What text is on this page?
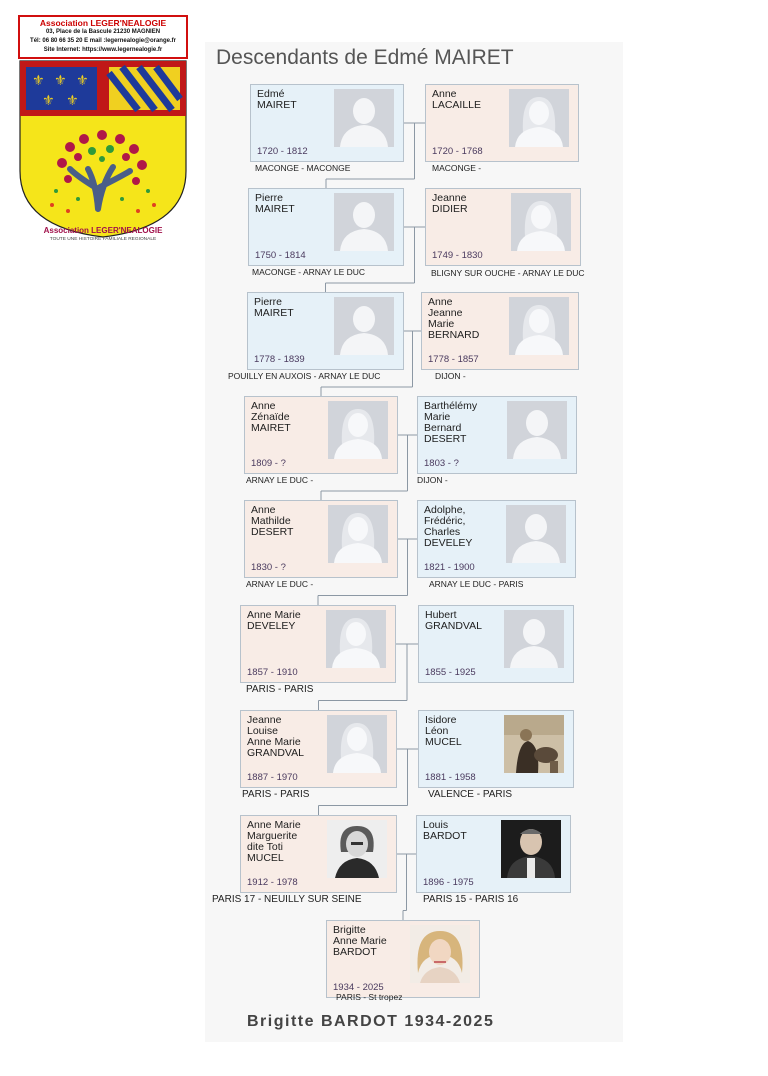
Association LEGER'NEALOGIE
03, Place de la Bascule 21230 MAGNIEN
Tél: 06 80 66 35 20 E mail :legernealogie@orange.fr
Site Internet: https://www.legernealogie.fr
⚜ ⚜ ⚜
⚜ ⚜
Association LEGER'NEALOGIE
TOUTE UNE HISTOIRE FAMILIALE REGIONALE
Descendants de Edmé MAIRET
Edmé
MAIRET
1720 - 1812
Anne
LACAILLE
1720 - 1768
MACONGE - MACONGE	MACONGE -
Pierre
MAIRET
1750 - 1814
Jeanne
DIDIER
1749 - 1830
MACONGE - ARNAY LE DUC	BLIGNY SUR OUCHE - ARNAY LE DUC
Pierre
MAIRET
1778 - 1839
Anne
Jeanne
Marie
BERNARD
1778 - 1857
POUILLY EN AUXOIS - ARNAY LE DUC	DIJON -
Anne
Zénaïde
MAIRET
1809 - ?
Barthélémy
Marie
Bernard
DESERT
1803 - ?
ARNAY LE DUC -	DIJON -
Anne
Mathilde
DESERT
1830 - ?
Adolphe,
Frédéric,
Charles
DEVELEY
1821 - 1900
ARNAY LE DUC -	ARNAY LE DUC - PARIS
Anne Marie
DEVELEY
1857 - 1910
Hubert
GRANDVAL
1855 - 1925
PARIS - PARIS
Jeanne
Louise
Anne Marie
GRANDVAL
1887 - 1970
Isidore
Léon
MUCEL
1881 - 1958
PARIS - PARIS	VALENCE - PARIS
Anne Marie
Marguerite
dite Toti
MUCEL
1912 - 1978
Louis
BARDOT
1896 - 1975
PARIS 17 - NEUILLY SUR SEINE	PARIS 15 - PARIS 16
Brigitte
Anne Marie
BARDOT
1934 - 2025
PARIS - St tropez
Brigitte BARDOT 1934-2025
